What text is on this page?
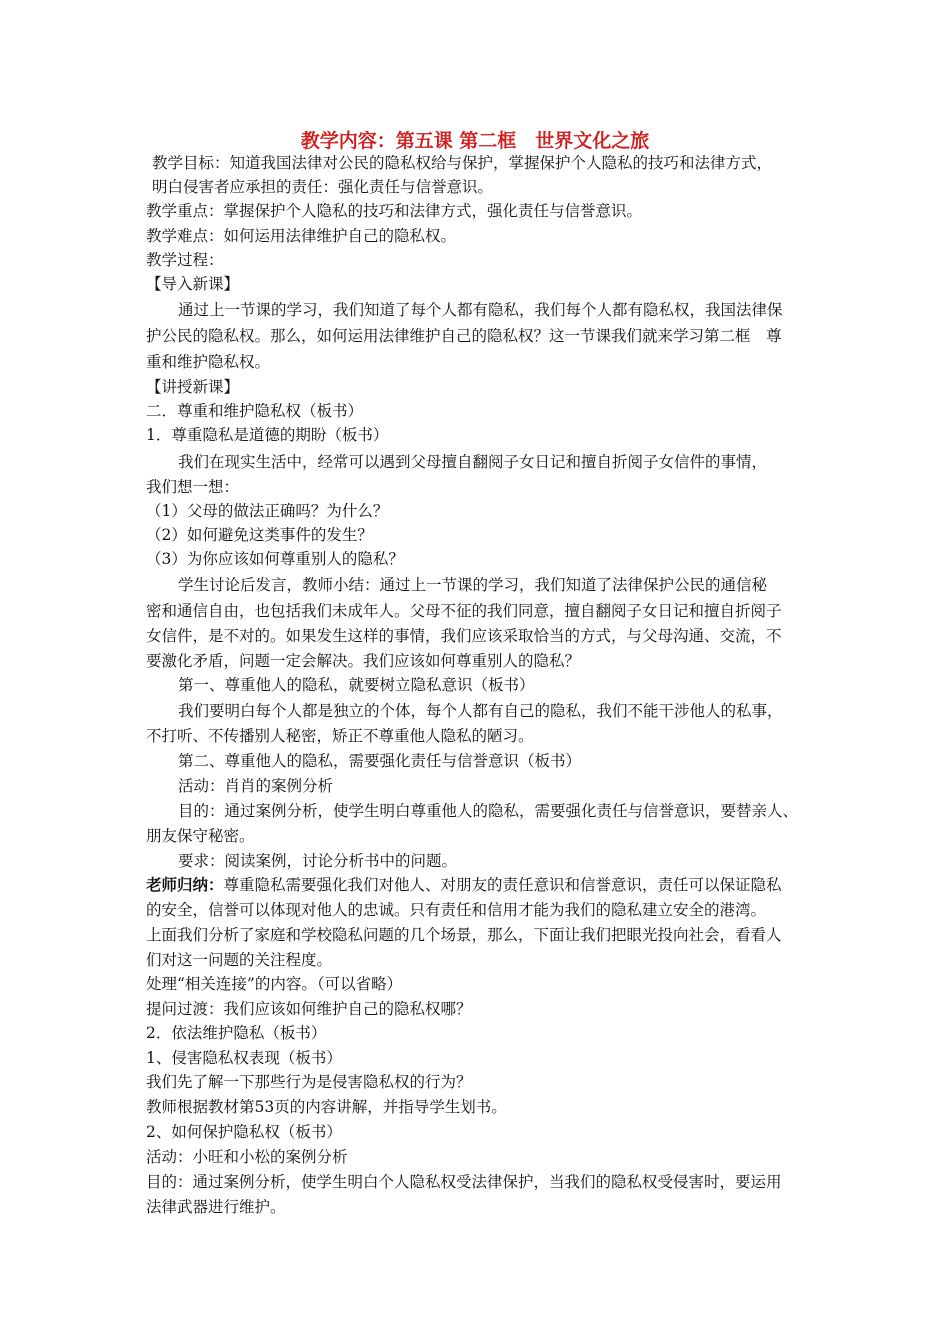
教学内容：第五课 第二框　世界文化之旅
教学目标：知道我国法律对公民的隐私权给与保护，掌握保护个人隐私的技巧和法律方式，
明白侵害者应承担的责任：强化责任与信誉意识。
教学重点：掌握保护个人隐私的技巧和法律方式，强化责任与信誉意识。
教学难点：如何运用法律维护自己的隐私权。
教学过程：
【导入新课】
通过上一节课的学习，我们知道了每个人都有隐私，我们每个人都有隐私权，我国法律保
护公民的隐私权。那么，如何运用法律维护自己的隐私权？这一节课我们就来学习第二框　尊
重和维护隐私权。
【讲授新课】
二．尊重和维护隐私权（板书）
1．尊重隐私是道德的期盼（板书）
我们在现实生活中，经常可以遇到父母擅自翻阅子女日记和擅自折阅子女信件的事情，
我们想一想：
（1）父母的做法正确吗？为什么？
（2）如何避免这类事件的发生？
（3）为你应该如何尊重别人的隐私？
学生讨论后发言，教师小结：通过上一节课的学习，我们知道了法律保护公民的通信秘
密和通信自由，也包括我们未成年人。父母不征的我们同意，擅自翻阅子女日记和擅自折阅子
女信件，是不对的。如果发生这样的事情，我们应该采取恰当的方式，与父母沟通、交流，不
要激化矛盾，问题一定会解决。我们应该如何尊重别人的隐私？
第一、尊重他人的隐私，就要树立隐私意识（板书）
我们要明白每个人都是独立的个体，每个人都有自己的隐私，我们不能干涉他人的私事，
不打听、不传播别人秘密，矫正不尊重他人隐私的陋习。
第二、尊重他人的隐私，需要强化责任与信誉意识（板书）
活动：肖肖的案例分析
目的：通过案例分析，使学生明白尊重他人的隐私，需要强化责任与信誉意识，要替亲人、
朋友保守秘密。
要求：阅读案例，讨论分析书中的问题。
老师归纳：尊重隐私需要强化我们对他人、对朋友的责任意识和信誉意识，责任可以保证隐私
的安全，信誉可以体现对他人的忠诚。只有责任和信用才能为我们的隐私建立安全的港湾。
上面我们分析了家庭和学校隐私问题的几个场景，那么，下面让我们把眼光投向社会，看看人
们对这一问题的关注程度。
处理“相关连接”的内容。（可以省略）
提问过渡：我们应该如何维护自己的隐私权哪？
2．依法维护隐私（板书）
1、侵害隐私权表现（板书）
我们先了解一下那些行为是侵害隐私权的行为？
教师根据教材第53页的内容讲解，并指导学生划书。
2、如何保护隐私权（板书）
活动：小旺和小松的案例分析
目的：通过案例分析，使学生明白个人隐私权受法律保护，当我们的隐私权受侵害时，要运用
法律武器进行维护。
